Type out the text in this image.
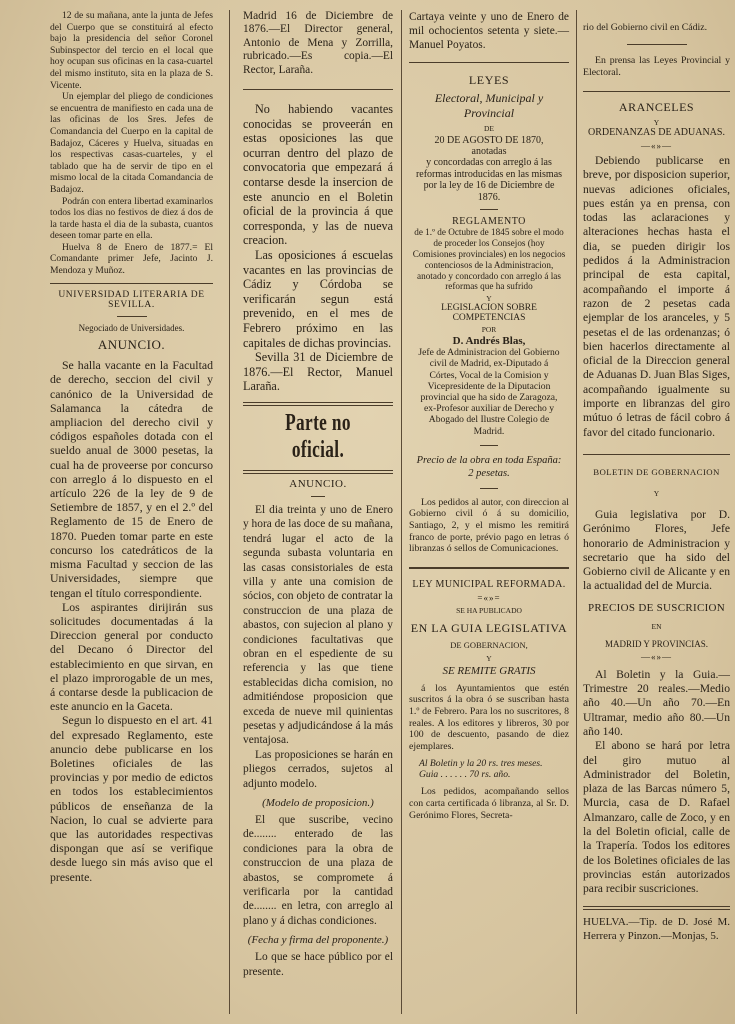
12 de su mañana, ante la junta de Jefes del Cuerpo que se constituirá al efecto bajo la presidencia del señor Coronel Subinspector del tercio en el local que hoy ocupan sus oficinas en la casa-cuartel del mismo instituto, sita en la plaza de S. Vicente.

Un ejemplar del pliego de condiciones se encuentra de manifiesto en cada una de las oficinas de los Sres. Jefes de Comandancia del Cuerpo en la capital de Badajoz, Cáceres y Huelva, situadas en los respectivas casas-cuarteles, y el tablado que ha de servir de tipo en el mismo local de la citada Comandancia de Badajoz.

Podrán con entera libertad examinarlos todos los dias no festivos de diez á dos de la tarde hasta el dia de la subasta, cuantos deseen tomar parte en ella.

Huelva 8 de Enero de 1877.= El Comandante primer Jefe, Jacinto J. Mendoza y Muñoz.

UNIVERSIDAD LITERARIA DE SEVILLA.

Negociado de Universidades.

ANUNCIO.

Se halla vacante en la Facultad de derecho, seccion del civil y canónico de la Universidad de Salamanca la cátedra de ampliacion del derecho civil y códigos españoles dotada con el sueldo anual de 3000 pesetas, la cual ha de proveerse por concurso con arreglo á lo dispuesto en el artículo 226 de la ley de 9 de Setiembre de 1857, y en el 2.º del Reglamento de 15 de Enero de 1870. Pueden tomar parte en este concurso los catedráticos de la misma Facultad y seccion de las Universidades, siempre que tengan el título correspondiente.

Los aspirantes dirijirán sus solicitudes documentadas á la Direccion general por conducto del Decano ó Director del establecimiento en que sirvan, en el plazo improrogable de un mes, á contarse desde la publicacion de este anuncio en la Gaceta.

Segun lo dispuesto en el art. 41 del expresado Reglamento, este anuncio debe publicarse en los Boletines oficiales de las provincias y por medio de edictos en todos los establecimientos públicos de enseñanza de la Nacion, lo cual se advierte para que las autoridades respectivas dispongan que así se verifique desde luego sin más aviso que el presente.

Madrid 16 de Diciembre de 1876.—El Director general, Antonio de Mena y Zorrilla, rubricado.—Es copia.—El Rector, Laraña.

No habiendo vacantes conocidas se proveerán en estas oposiciones las que ocurran dentro del plazo de convocatoria que empezará á contarse desde la insercion de este anuncio en el Boletin oficial de la provincia á que corresponda, y las de nueva creacion.

Las oposiciones á escuelas vacantes en las provincias de Cádiz y Córdoba se verificarán segun está prevenido, en el mes de Febrero próximo en las capitales de dichas provincias.

Sevilla 31 de Diciembre de 1876.—El Rector, Manuel Laraña.

Parte no oficial.

ANUNCIO.

El dia treinta y uno de Enero y hora de las doce de su mañana, tendrá lugar el acto de la segunda subasta voluntaria en las casas consistoriales de esta villa y ante una comision de sócios, con objeto de contratar la construccion de una plaza de abastos, con sujecion al plano y condiciones facultativas que obran en el espediente de su referencia y las que tiene establecidas dicha comision, no admitiéndose proposicion que exceda de nueve mil quinientas pesetas y adjudicándose á la más ventajosa.

Las proposiciones se harán en pliegos cerrados, sujetos al adjunto modelo.

(Modelo de proposicion.)

El que suscribe, vecino de........ enterado de las condiciones para la obra de construccion de una plaza de abastos, se compromete á verificarla por la cantidad de........ en letra, con arreglo al plano y á dichas condiciones.

(Fecha y firma del proponente.)

Lo que se hace público por el presente.

Cartaya veinte y uno de Enero de mil ochocientos setenta y siete.—Manuel Poyatos.

LEYES

Electoral, Municipal y Provincial

DE

20 DE AGOSTO DE 1870,

anotadas

y concordadas con arreglo á las reformas introducidas en las mismas por la ley de 16 de Diciembre de 1876.

REGLAMENTO

de 1.º de Octubre de 1845 sobre el modo de proceder los Consejos (hoy Comisiones provinciales) en los negocios contenciosos de la Administracion, anotado y concordado con arreglo á las reformas que ha sufrido

Y

LEGISLACION SOBRE COMPETENCIAS

POR

D. Andrés Blas,

Jefe de Administracion del Gobierno civil de Madrid, ex-Diputado á Córtes, Vocal de la Comision y Vicepresidente de la Diputacion provincial que ha sido de Zaragoza, ex-Profesor auxiliar de Derecho y Abogado del Ilustre Colegio de Madrid.

Precio de la obra en toda España: 2 pesetas.

Los pedidos al autor, con direccion al Gobierno civil ó á su domicilio, Santiago, 2, y el mismo les remitirá franco de porte, prévio pago en letras ó libranzas ó sellos de Comunicaciones.

LEY MUNICIPAL REFORMADA.

=«»=

SE HA PUBLICADO

EN LA GUIA LEGISLATIVA

DE GOBERNACION,

Y

SE REMITE GRATIS

á los Ayuntamientos que estén suscritos á la obra ó se suscriban hasta 1.º de Febrero. Para los no suscritores, 8 reales. A los editores y libreros, 30 por 100 de descuento, pasando de diez ejemplares.

Al Boletin y la 20 rs. tres meses.

Guia . . . . . . 70 rs. año.

Los pedidos, acompañando sellos con carta certificada ó libranza, al Sr. D. Gerónimo Flores, Secreta-

rio del Gobierno civil en Cádiz.

En prensa las Leyes Provincial y Electoral.

ARANCELES

Y

ORDENANZAS DE ADUANAS.

—«»—

Debiendo publicarse en breve, por disposicion superior, nuevas adiciones oficiales, pues están ya en prensa, con todas las aclaraciones y alteraciones hechas hasta el dia, se pueden dirigir los pedidos á la Administracion principal de esta capital, acompañando el importe á razon de 2 pesetas cada ejemplar de los aranceles, y 5 pesetas el de las ordenanzas; ó bien hacerlos directamente al oficial de la Direccion general de Aduanas D. Juan Blas Siges, acompañando igualmente su importe en libranzas del giro mútuo ó letras de fácil cobro á favor del citado funcionario.

BOLETIN DE GOBERNACION

Y

Guia legislativa por D. Gerónimo Flores, Jefe honorario de Administracion y secretario que ha sido del Gobierno civil de Alicante y en la actualidad del de Murcia.

PRECIOS DE SUSCRICION

EN

MADRID Y PROVINCIAS.

—«»—

Al Boletin y la Guia.—Trimestre 20 reales.—Medio año 40.—Un año 70.—En Ultramar, medio año 80.—Un año 140.

El abono se hará por letra del giro mutuo al Administrador del Boletin, plaza de las Barcas número 5, Murcia, casa de D. Rafael Almanzaro, calle de Zoco, y en la del Boletin oficial, calle de la Trapería. Todos los editores de los Boletines oficiales de las provincias están autorizados para recibir suscriciones.

HUELVA.—Tip. de D. José M. Herrera y Pinzon.—Monjas, 5.
